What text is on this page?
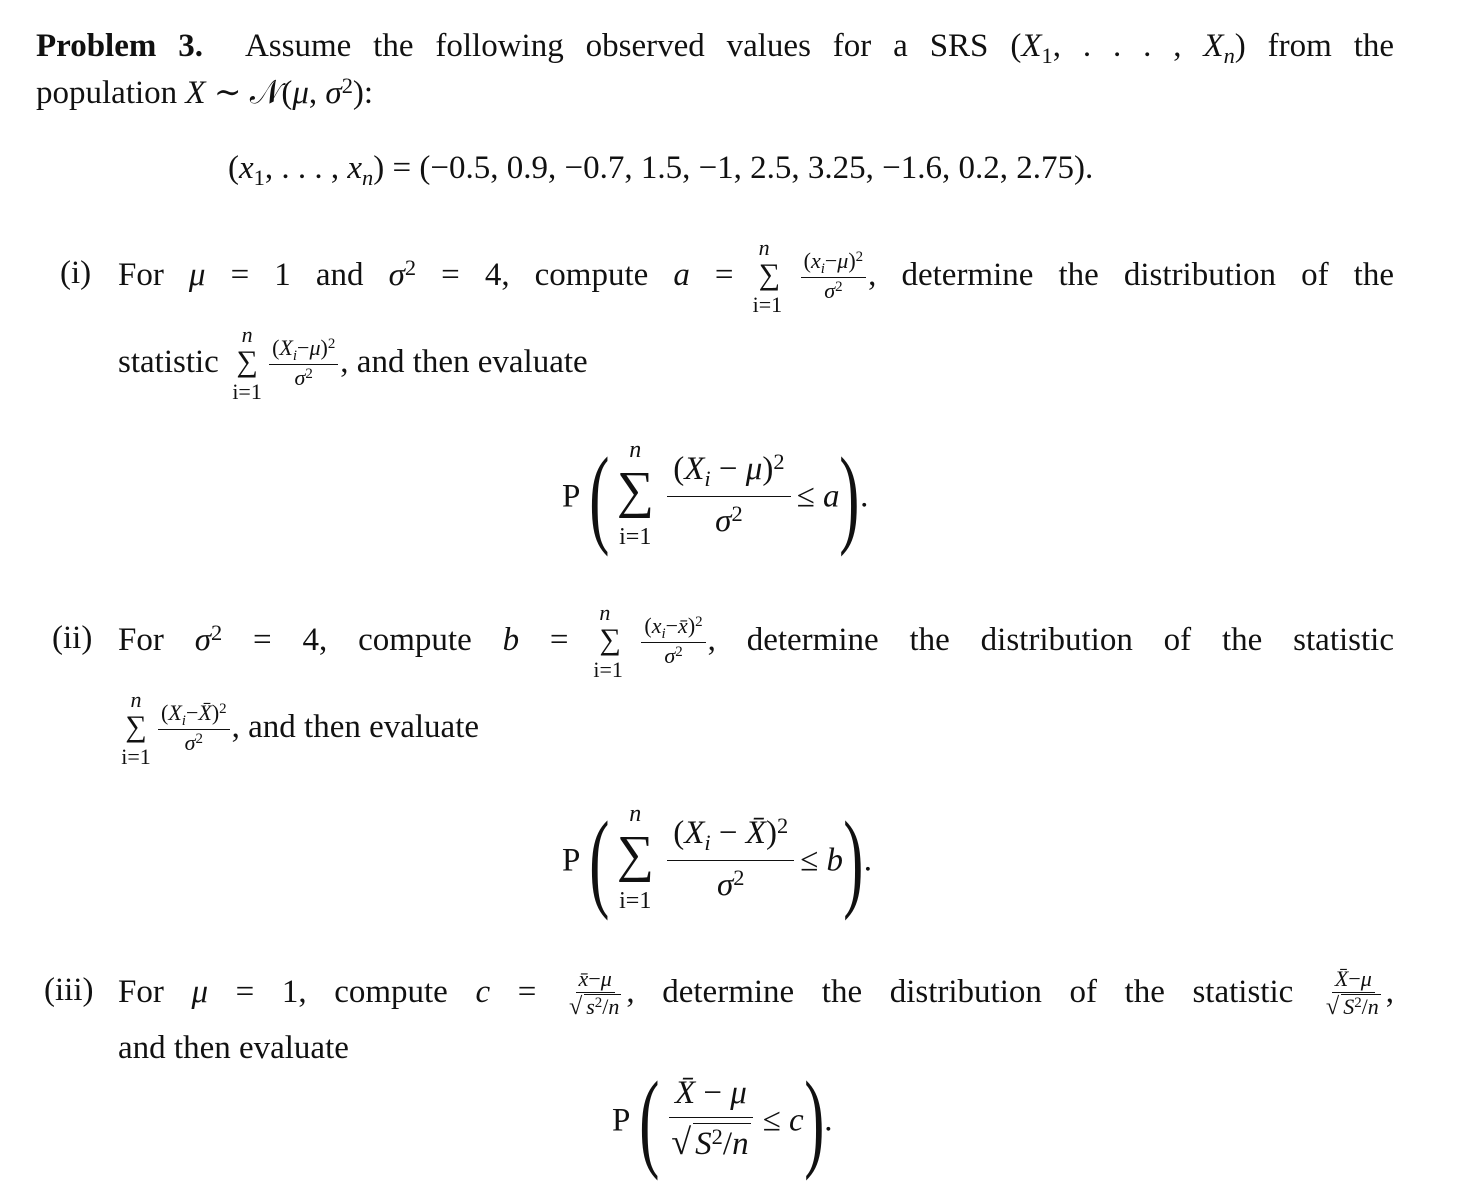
Problem 3. Assume the following observed values for a SRS ($X_1$, . . . , $X_n$) from the
population X ∼ 𝒩(μ, $\sigma^2$):
($x_1$, . . . , $x_n) = (-0.5$, 0.9, −0.7, 1.5, −1, 2.5, 3.25, −1.6, 0.2, 2.75).
(i) For μ = 1 and $\sigma^2 = 4$, compute a =
n
∑
$i=1 \frac{(x_i-\mu)^2}{\sigma^2}$ , determine the distribution of the
statistic
n
∑
$i=1 \frac{(X_i-\mu)^2}{\sigma^2}$ , and then evaluate
P ( n
∑
$i=1 \frac{(X_i - \mu)^2}{\sigma^2} \le a$).
(ii) For $\sigma^2 = 4$, compute b =
n
∑
$i=1 \frac{(x_i-x̄)^2}{\sigma^2}$ , determine the distribution of the statistic
n
∑
$i=1 \frac{(X_i-X̄)^2}{\sigma^2}$ , and then evaluate
P ( n
∑
$i=1 \frac{(X_i - X̄)^2}{\sigma^2} \le b$).
(iii) For μ = 1, compute $c = \frac{x̄-\mu}{√ s^2/n}$ , determine the distribution of the statistic $\frac{X̄-\mu}{√ S^2/n}$ ,
and then evaluate
P ( $\frac{X̄ - \mu}{√ S^2/n} \le c$).
